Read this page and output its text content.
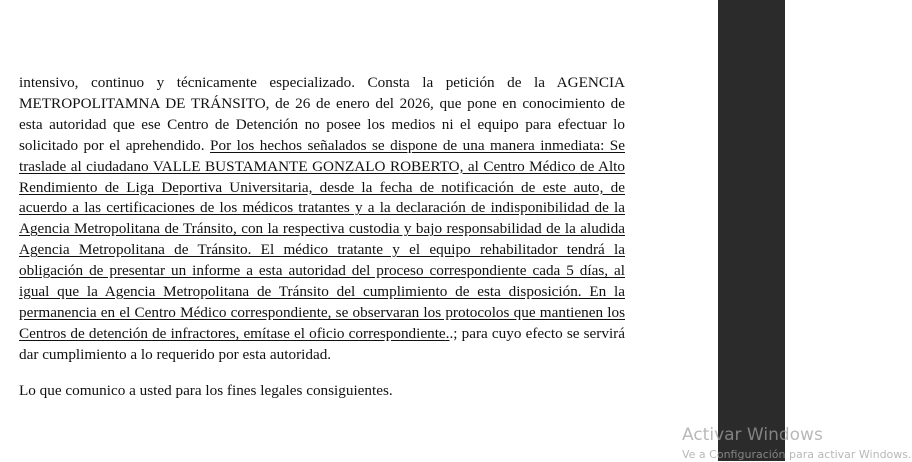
intensivo, continuo y técnicamente especializado. Consta la petición de la AGENCIA METROPOLITAMNA DE TRÁNSITO, de 26 de enero del 2026, que pone en conocimiento de esta autoridad que ese Centro de Detención no posee los medios ni el equipo para efectuar lo solicitado por el aprehendido. Por los hechos señalados se dispone de una manera inmediata: Se traslade al ciudadano VALLE BUSTAMANTE GONZALO ROBERTO, al Centro Médico de Alto Rendimiento de Liga Deportiva Universitaria, desde la fecha de notificación de este auto, de acuerdo a las certificaciones de los médicos tratantes y a la declaración de indisponibilidad de la Agencia Metropolitana de Tránsito, con la respectiva custodia y bajo responsabilidad de la aludida Agencia Metropolitana de Tránsito. El médico tratante y el equipo rehabilitador tendrá la obligación de presentar un informe a esta autoridad del proceso correspondiente cada 5 días, al igual que la Agencia Metropolitana de Tránsito del cumplimiento de esta disposición. En la permanencia en el Centro Médico correspondiente, se observaran los protocolos que mantienen los Centros de detención de infractores, emítase el oficio correspondiente..; para cuyo efecto se servirá dar cumplimiento a lo requerido por esta autoridad.

Lo que comunico a usted para los fines legales consiguientes.

Activar Windows
Ve a Configuración para activar Windows.
